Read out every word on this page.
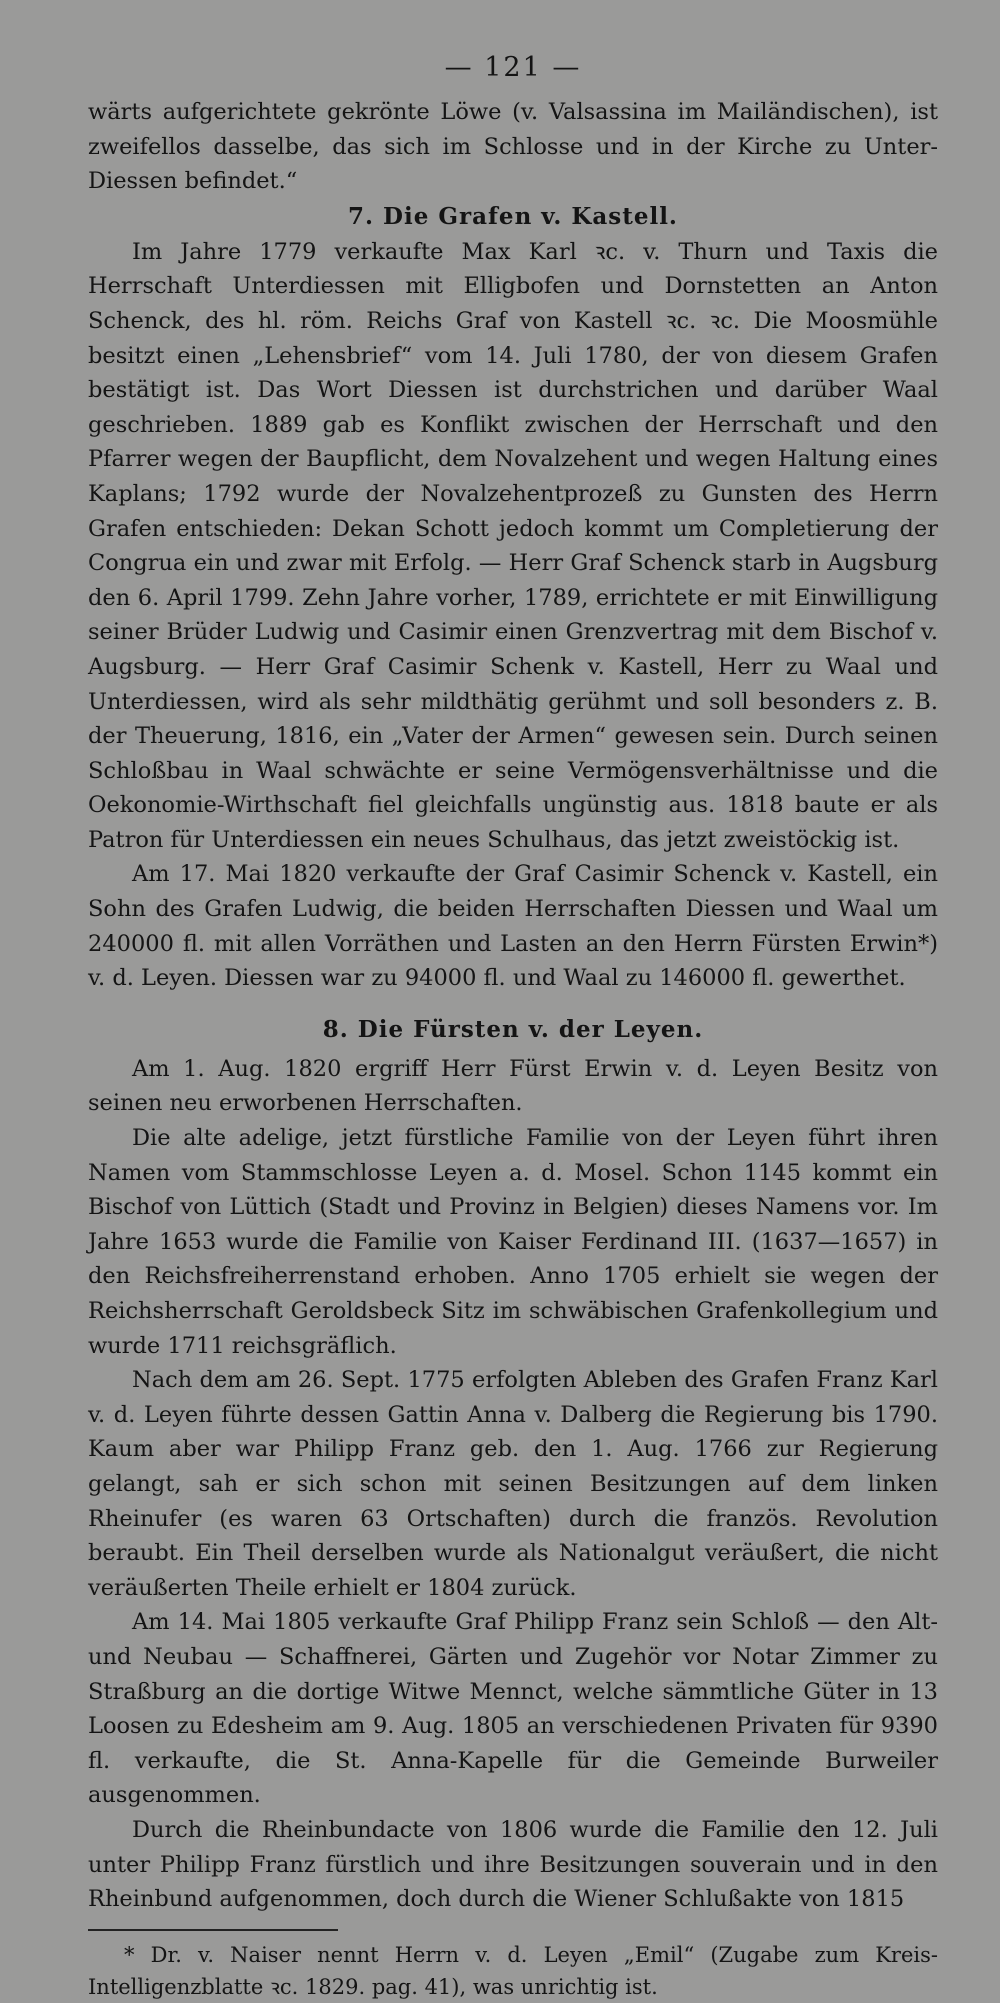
— 121 —

wärts aufgerichtete gekrönte Löwe (v. Valsassina im Mailändischen), ist zweifellos dasselbe, das sich im Schlosse und in der Kirche zu Unter-Diessen befindet.“

7. Die Grafen v. Kastell.

Im Jahre 1779 verkaufte Max Karl ꝛc. v. Thurn und Taxis die Herrschaft Unterdiessen mit Elligbofen und Dornstetten an Anton Schenck, des hl. röm. Reichs Graf von Kastell ꝛc. ꝛc. Die Moosmühle besitzt einen „Lehensbrief“ vom 14. Juli 1780, der von diesem Grafen bestätigt ist. Das Wort Diessen ist durchstrichen und darüber Waal geschrieben. 1889 gab es Konflikt zwischen der Herrschaft und den Pfarrer wegen der Baupflicht, dem Novalzehent und wegen Haltung eines Kaplans; 1792 wurde der Novalzehentprozeß zu Gunsten des Herrn Grafen entschieden: Dekan Schott jedoch kommt um Completierung der Congrua ein und zwar mit Erfolg. — Herr Graf Schenck starb in Augsburg den 6. April 1799. Zehn Jahre vorher, 1789, errichtete er mit Einwilligung seiner Brüder Ludwig und Casimir einen Grenzvertrag mit dem Bischof v. Augsburg. — Herr Graf Casimir Schenk v. Kastell, Herr zu Waal und Unterdiessen, wird als sehr mildthätig gerühmt und soll besonders z. B. der Theuerung, 1816, ein „Vater der Armen“ gewesen sein. Durch seinen Schloßbau in Waal schwächte er seine Vermögensverhältnisse und die Oekonomie-Wirthschaft fiel gleichfalls ungünstig aus. 1818 baute er als Patron für Unterdiessen ein neues Schulhaus, das jetzt zweistöckig ist.

Am 17. Mai 1820 verkaufte der Graf Casimir Schenck v. Kastell, ein Sohn des Grafen Ludwig, die beiden Herrschaften Diessen und Waal um 240000 fl. mit allen Vorräthen und Lasten an den Herrn Fürsten Erwin*) v. d. Leyen. Diessen war zu 94000 fl. und Waal zu 146000 fl. gewerthet.

8. Die Fürsten v. der Leyen.

Am 1. Aug. 1820 ergriff Herr Fürst Erwin v. d. Leyen Besitz von seinen neu erworbenen Herrschaften.

Die alte adelige, jetzt fürstliche Familie von der Leyen führt ihren Namen vom Stammschlosse Leyen a. d. Mosel. Schon 1145 kommt ein Bischof von Lüttich (Stadt und Provinz in Belgien) dieses Namens vor. Im Jahre 1653 wurde die Familie von Kaiser Ferdinand III. (1637—1657) in den Reichsfreiherrenstand erhoben. Anno 1705 erhielt sie wegen der Reichsherrschaft Geroldsbeck Sitz im schwäbischen Grafenkollegium und wurde 1711 reichsgräflich.

Nach dem am 26. Sept. 1775 erfolgten Ableben des Grafen Franz Karl v. d. Leyen führte dessen Gattin Anna v. Dalberg die Regierung bis 1790. Kaum aber war Philipp Franz geb. den 1. Aug. 1766 zur Regierung gelangt, sah er sich schon mit seinen Besitzungen auf dem linken Rheinufer (es waren 63 Ortschaften) durch die französ. Revolution beraubt. Ein Theil derselben wurde als Nationalgut veräußert, die nicht veräußerten Theile erhielt er 1804 zurück.

Am 14. Mai 1805 verkaufte Graf Philipp Franz sein Schloß — den Alt- und Neubau — Schaffnerei, Gärten und Zugehör vor Notar Zimmer zu Straßburg an die dortige Witwe Mennct, welche sämmtliche Güter in 13 Loosen zu Edesheim am 9. Aug. 1805 an verschiedenen Privaten für 9390 fl. verkaufte, die St. Anna-Kapelle für die Gemeinde Burweiler ausgenommen.

Durch die Rheinbundacte von 1806 wurde die Familie den 12. Juli unter Philipp Franz fürstlich und ihre Besitzungen souverain und in den Rheinbund aufgenommen, doch durch die Wiener Schlußakte von 1815

* Dr. v. Naiser nennt Herrn v. d. Leyen „Emil“ (Zugabe zum Kreis-Intelligenzblatte ꝛc. 1829. pag. 41), was unrichtig ist.
